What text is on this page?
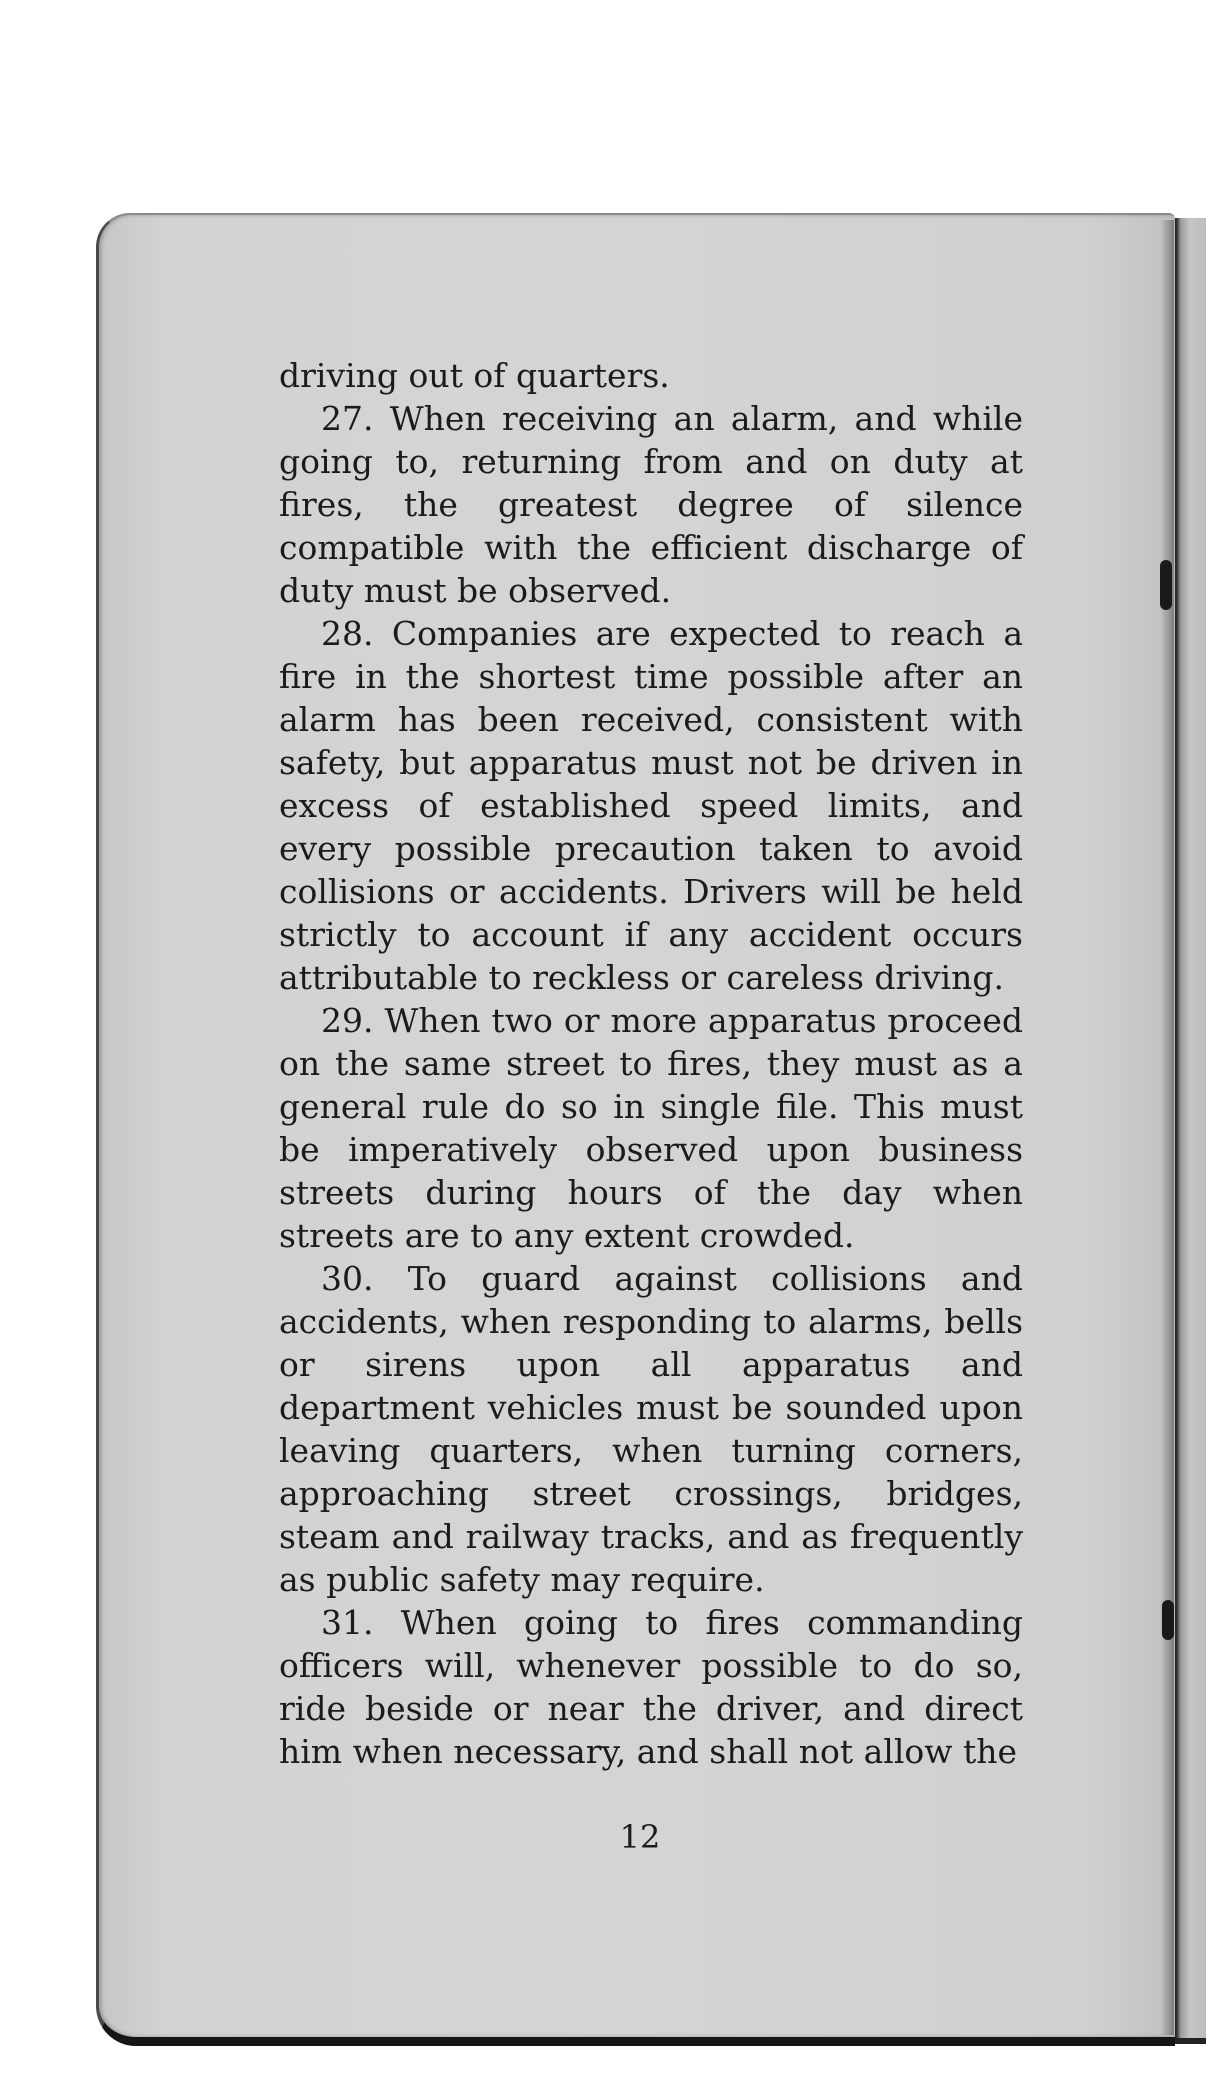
driving out of quarters.

27. When receiving an alarm, and while going to, returning from and on duty at fires, the greatest degree of silence compatible with the efficient discharge of duty must be observed.

28. Companies are expected to reach a fire in the shortest time possible after an alarm has been received, consistent with safety, but apparatus must not be driven in excess of established speed limits, and every possible precaution taken to avoid collisions or accidents. Drivers will be held strictly to account if any accident occurs attributable to reckless or careless driving.

29. When two or more apparatus proceed on the same street to fires, they must as a general rule do so in single file. This must be imperatively observed upon business streets during hours of the day when streets are to any extent crowded.

30. To guard against collisions and accidents, when responding to alarms, bells or sirens upon all apparatus and department vehicles must be sounded upon leaving quarters, when turning corners, approaching street crossings, bridges, steam and railway tracks, and as frequently as public safety may require.

31. When going to fires commanding officers will, whenever possible to do so, ride beside or near the driver, and direct him when necessary, and shall not allow the

12
